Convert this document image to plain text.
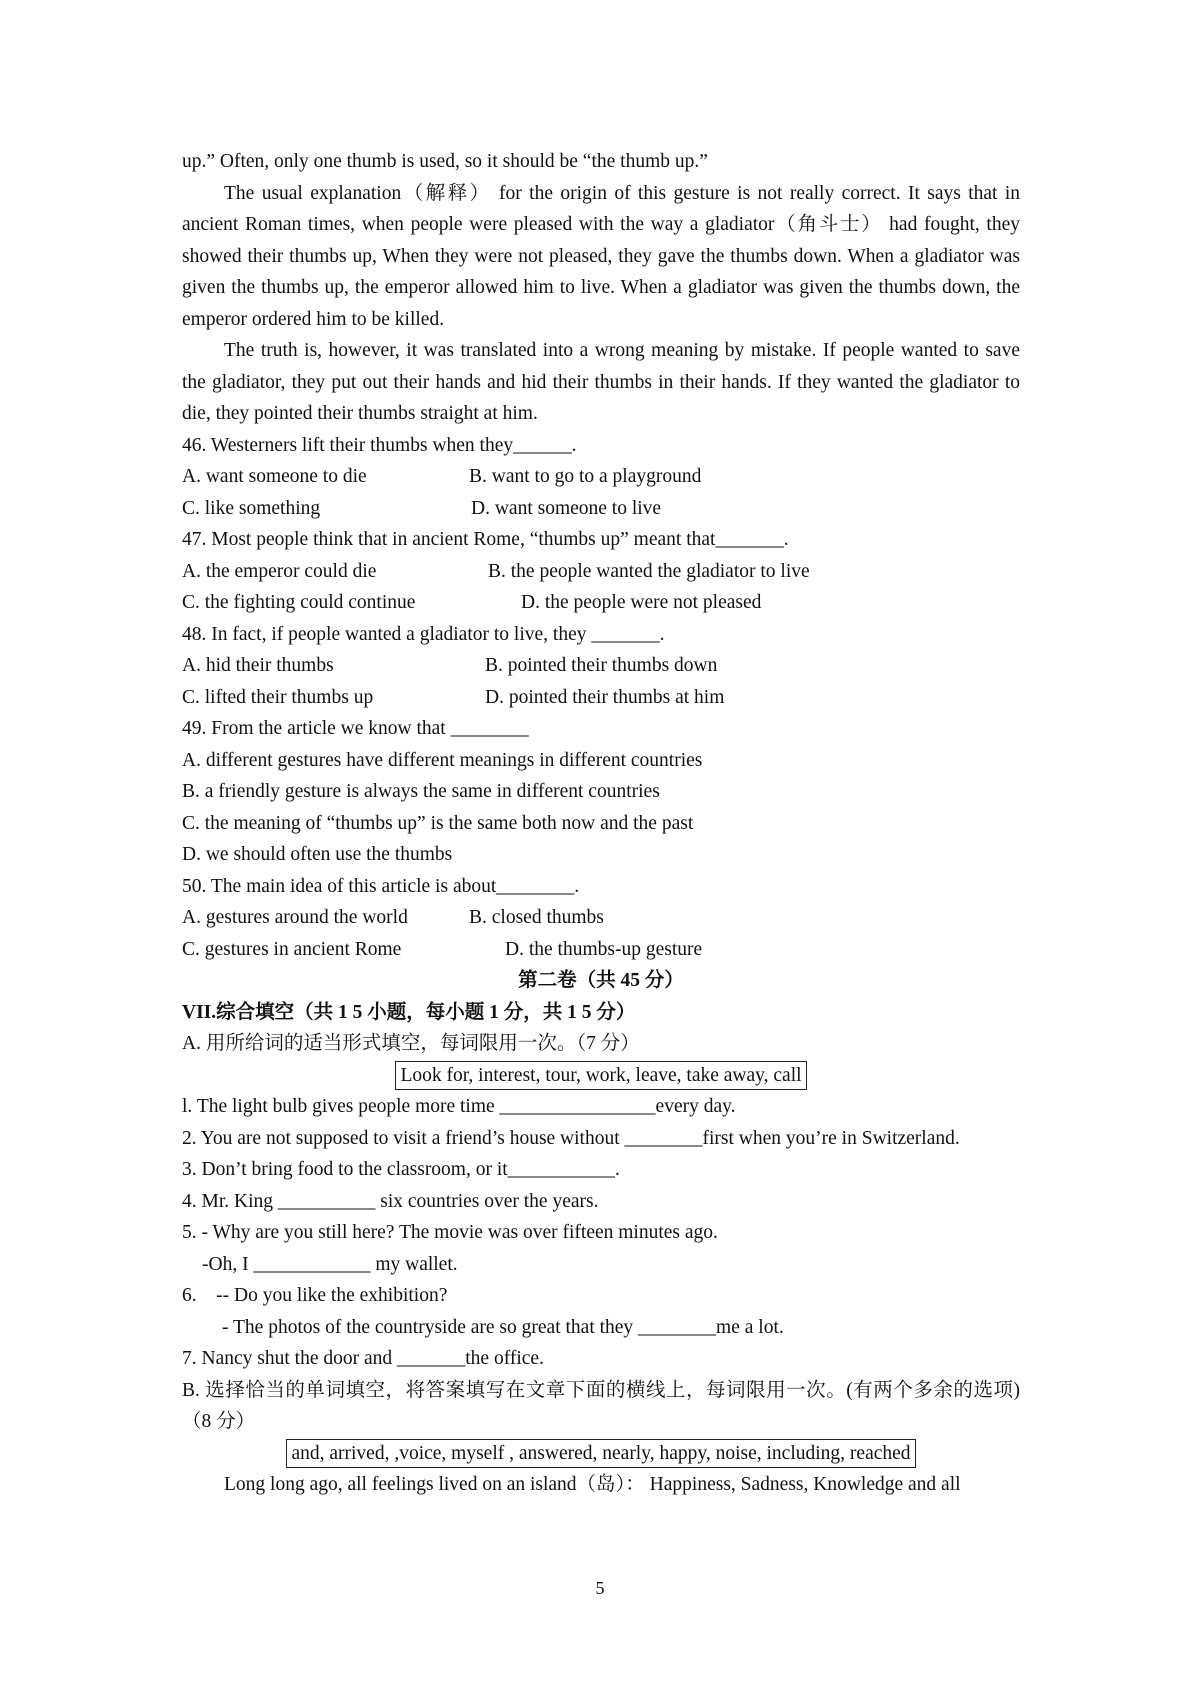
up.” Often, only one thumb is used, so it should be “the thumb up.”

The usual explanation（解释） for the origin of this gesture is not really correct. It says that in ancient Roman times, when people were pleased with the way a gladiator（角斗士） had fought, they showed their thumbs up, When they were not pleased, they gave the thumbs down. When a gladiator was given the thumbs up, the emperor allowed him to live. When a gladiator was given the thumbs down, the emperor ordered him to be killed.

The truth is, however, it was translated into a wrong meaning by mistake. If people wanted to save the gladiator, they put out their hands and hid their thumbs in their hands. If they wanted the gladiator to die, they pointed their thumbs straight at him.

46. Westerners lift their thumbs when they______.

A. want someone to die	B. want to go to a playground
C. like something	D. want someone to live

47. Most people think that in ancient Rome, “thumbs up” meant that_______.

A. the emperor could die	B. the people wanted the gladiator to live
C. the fighting could continue	D. the people were not pleased

48. In fact, if people wanted a gladiator to live, they _______.

A. hid their thumbs	B. pointed their thumbs down
C. lifted their thumbs up	D. pointed their thumbs at him

49. From the article we know that ________

A. different gestures have different meanings in different countries

B. a friendly gesture is always the same in different countries

C. the meaning of “thumbs up” is the same both now and the past

D. we should often use the thumbs

50. The main idea of this article is about________.

A. gestures around the world	B. closed thumbs
C. gestures in ancient Rome	D. the thumbs-up gesture

第二卷（共 45 分）

VII.综合填空（共 1 5 小题，每小题 1 分，共 1 5 分）

A. 用所给词的适当形式填空，每词限用一次。（7 分）

Look for, interest, tour, work, leave, take away, call

l. The light bulb gives people more time ________________every day.

2. You are not supposed to visit a friend’s house without ________first when you’re in Switzerland.

3. Don’t bring food to the classroom, or it___________.

4. Mr. King __________ six countries over the years.

5. - Why are you still here? The movie was over fifteen minutes ago.

-Oh, I ____________ my wallet.

6.    -- Do you like the exhibition?

- The photos of the countryside are so great that they ________me a lot.

7. Nancy shut the door and _______the office.

B. 选择恰当的单词填空，将答案填写在文章下面的横线上，每词限用一次。(有两个多余的选项)（8 分）

and, arrived, ,voice, myself , answered, nearly, happy, noise, including, reached

Long long ago, all feelings lived on an island（岛）： Happiness, Sadness, Knowledge and all

5
